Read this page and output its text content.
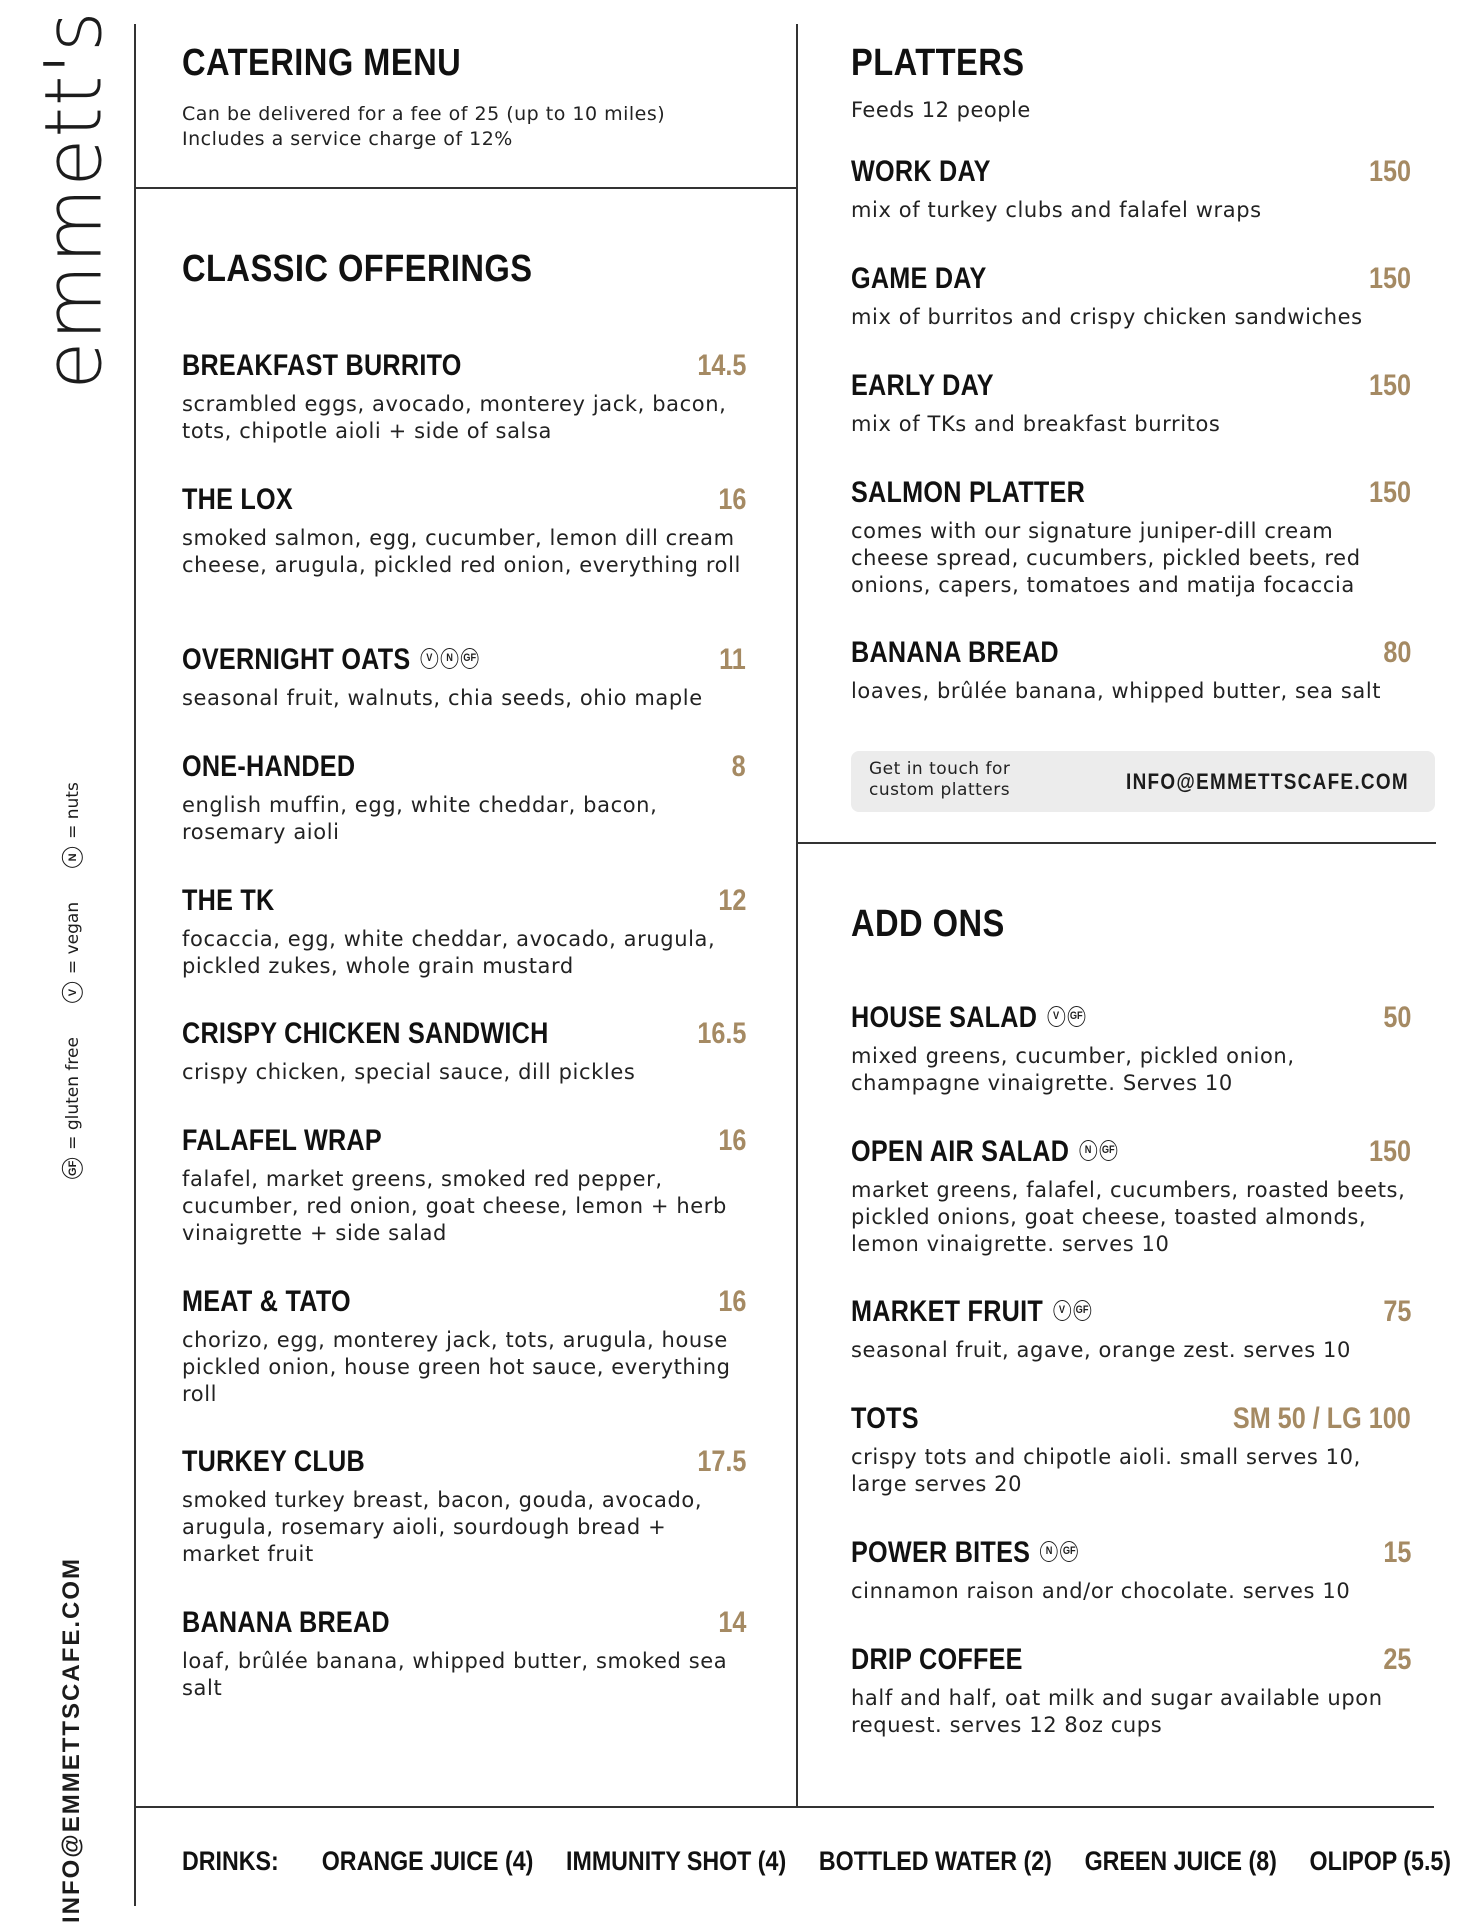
emmett's
GF
= gluten free
V
= vegan
N
= nuts
INFO@EMMETTSCAFE.COM
CATERING MENU
Can be delivered for a fee of 25 (up to 10 miles)
Includes a service charge of 12%
CLASSIC OFFERINGS
BREAKFAST BURRITO	14.5
scrambled eggs, avocado, monterey jack, bacon, tots, chipotle aioli + side of salsa
THE LOX	16
smoked salmon, egg, cucumber, lemon dill cream cheese, arugula, pickled red onion, everything roll
OVERNIGHT OATS	V	N GF	11
seasonal fruit, walnuts, chia seeds, ohio maple
ONE-HANDED	8
english muffin, egg, white cheddar, bacon, rosemary aioli
THE TK	12
focaccia, egg, white cheddar, avocado, arugula, pickled zukes, whole grain mustard
CRISPY CHICKEN SANDWICH	16.5
crispy chicken, special sauce, dill pickles
FALAFEL WRAP	16
falafel, market greens, smoked red pepper, cucumber, red onion, goat cheese, lemon + herb vinaigrette + side salad
MEAT & TATO	16
chorizo, egg, monterey jack, tots, arugula, house pickled onion, house green hot sauce, everything roll
TURKEY CLUB	17.5
smoked turkey breast, bacon, gouda, avocado, arugula, rosemary aioli, sourdough bread + market fruit
BANANA BREAD	14
loaf, brûlée banana, whipped butter, smoked sea salt
PLATTERS
Feeds 12 people
WORK DAY	150
mix of turkey clubs and falafel wraps
GAME DAY	150
mix of burritos and crispy chicken sandwiches
EARLY DAY	150
mix of TKs and breakfast burritos
SALMON PLATTER	150
comes with our signature juniper-dill cream cheese spread, cucumbers, pickled beets, red onions, capers, tomatoes and matija focaccia
BANANA BREAD	80
loaves, brûlée banana, whipped butter, sea salt
Get in touch for custom platters	INFO@EMMETTSCAFE.COM
ADD ONS
HOUSE SALAD	V GF	50
mixed greens, cucumber, pickled onion, champagne vinaigrette. Serves 10
OPEN AIR SALAD	N GF	150
market greens, falafel, cucumbers, roasted beets, pickled onions, goat cheese, toasted almonds, lemon vinaigrette. serves 10
MARKET FRUIT	V GF	75
seasonal fruit, agave, orange zest. serves 10
TOTS	SM 50 / LG 100
crispy tots and chipotle aioli. small serves 10, large serves 20
POWER BITES	N GF	15
cinnamon raison and/or chocolate. serves 10
DRIP COFFEE	25
half and half, oat milk and sugar available upon request. serves 12 8oz cups
DRINKS: ORANGE JUICE (4) IMMUNITY SHOT (4) BOTTLED WATER (2) GREEN JUICE (8) OLIPOP (5.5)
